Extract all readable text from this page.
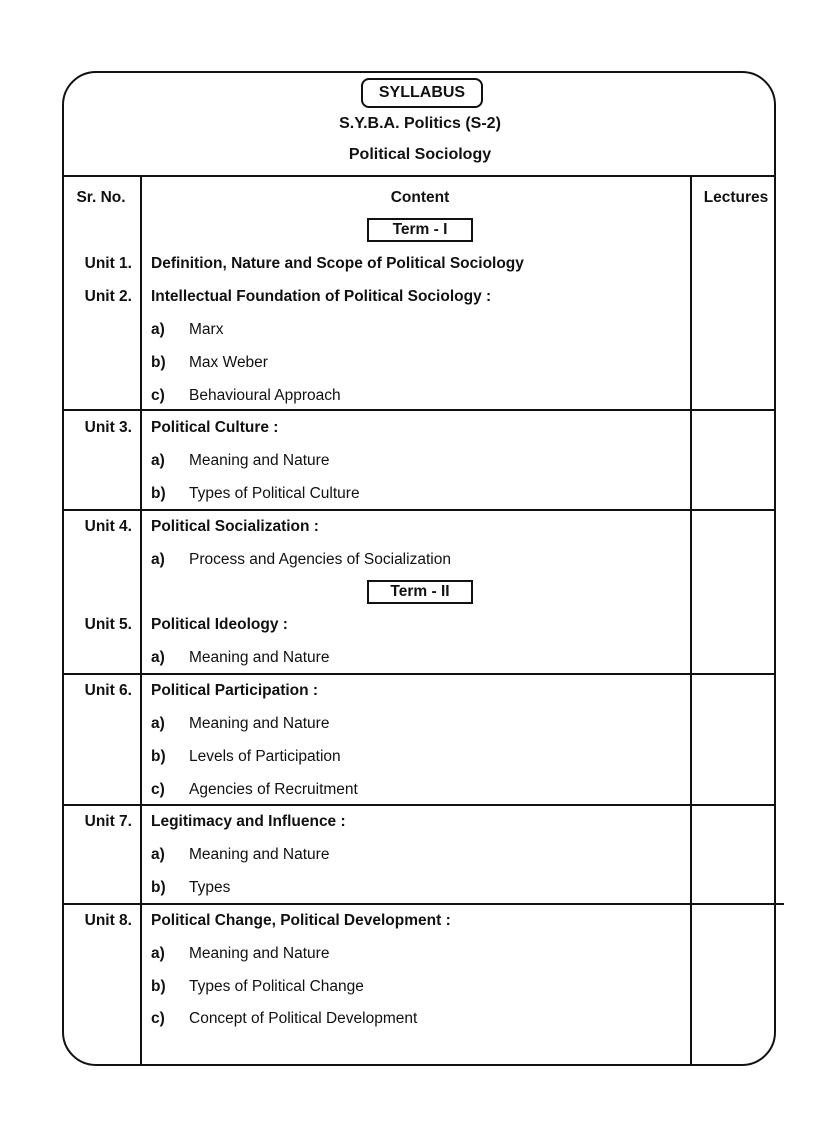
SYLLABUS
S.Y.B.A. Politics (S-2)
Political Sociology
Sr. No.	Content	Lectures
Term - I
Unit 1. Definition, Nature and Scope of Political Sociology
Unit 2. Intellectual Foundation of Political Sociology :
a) Marx
b) Max Weber
c) Behavioural Approach
Unit 3. Political Culture :
a) Meaning and Nature
b) Types of Political Culture
Unit 4. Political Socialization :
a) Process and Agencies of Socialization
Term - II
Unit 5. Political Ideology :
a) Meaning and Nature
Unit 6. Political Participation :
a) Meaning and Nature
b) Levels of Participation
c) Agencies of Recruitment
Unit 7. Legitimacy and Influence :
a) Meaning and Nature
b) Types
Unit 8. Political Change, Political Development :
a) Meaning and Nature
b) Types of Political Change
c) Concept of Political Development
